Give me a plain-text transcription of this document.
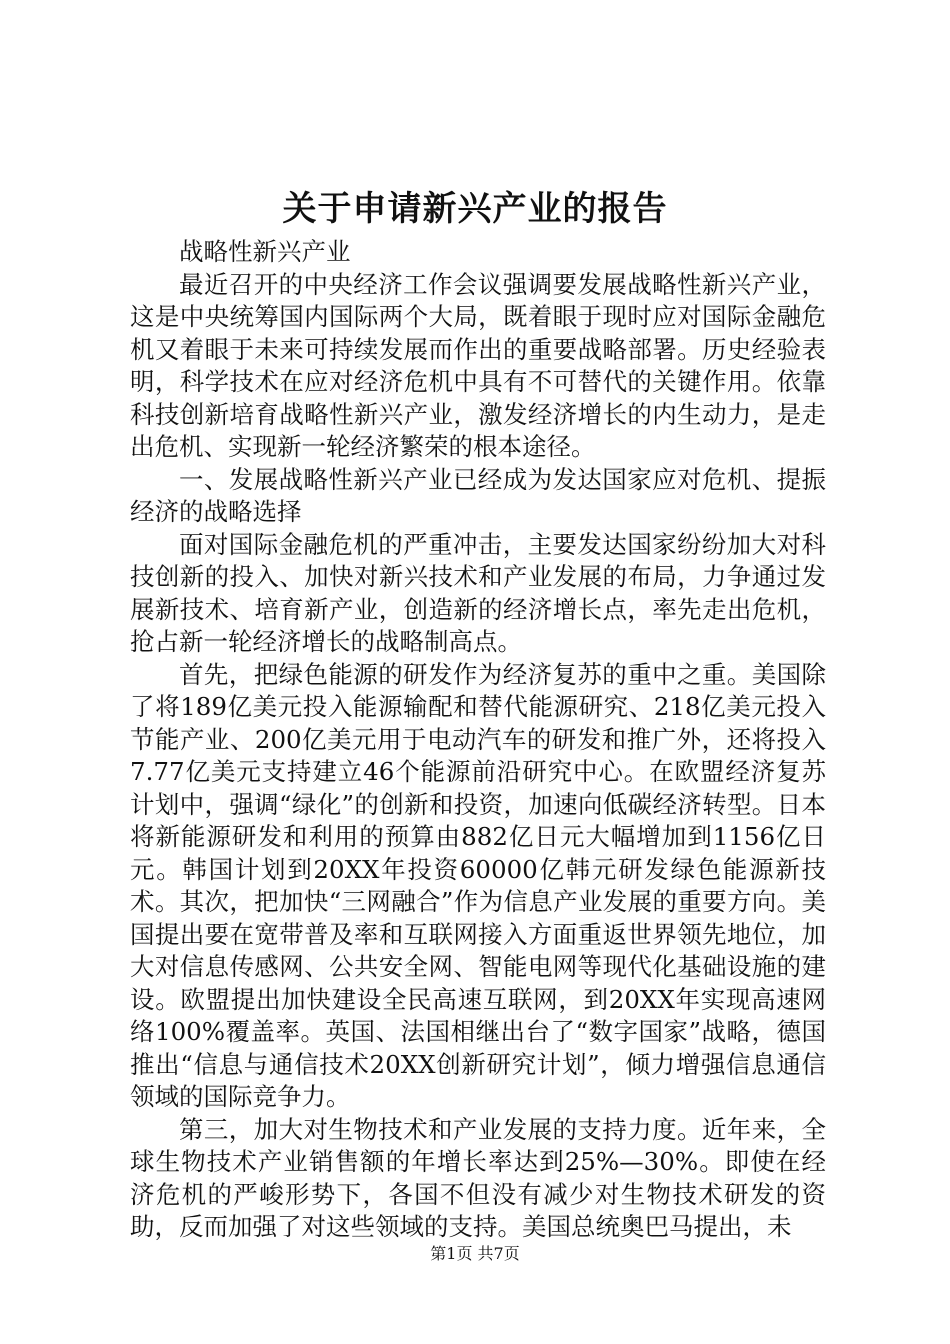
关于申请新兴产业的报告

战略性新兴产业

最近召开的中央经济工作会议强调要发展战略性新兴产业，这是中央统筹国内国际两个大局，既着眼于现时应对国际金融危机又着眼于未来可持续发展而作出的重要战略部署。历史经验表明，科学技术在应对经济危机中具有不可替代的关键作用。依靠科技创新培育战略性新兴产业，激发经济增长的内生动力，是走出危机、实现新一轮经济繁荣的根本途径。

一、发展战略性新兴产业已经成为发达国家应对危机、提振经济的战略选择

面对国际金融危机的严重冲击，主要发达国家纷纷加大对科技创新的投入、加快对新兴技术和产业发展的布局，力争通过发展新技术、培育新产业，创造新的经济增长点，率先走出危机，抢占新一轮经济增长的战略制高点。

首先，把绿色能源的研发作为经济复苏的重中之重。美国除了将189亿美元投入能源输配和替代能源研究、218亿美元投入节能产业、200亿美元用于电动汽车的研发和推广外，还将投入7.77亿美元支持建立46个能源前沿研究中心。在欧盟经济复苏计划中，强调“绿化”的创新和投资，加速向低碳经济转型。日本将新能源研发和利用的预算由882亿日元大幅增加到1156亿日元。韩国计划到20XX年投资60000亿韩元研发绿色能源新技术。其次，把加快“三网融合”作为信息产业发展的重要方向。美国提出要在宽带普及率和互联网接入方面重返世界领先地位，加大对信息传感网、公共安全网、智能电网等现代化基础设施的建设。欧盟提出加快建设全民高速互联网，到20XX年实现高速网络100%覆盖率。英国、法国相继出台了“数字国家”战略，德国推出“信息与通信技术20XX创新研究计划”，倾力增强信息通信领域的国际竞争力。

第三，加大对生物技术和产业发展的支持力度。近年来，全球生物技术产业销售额的年增长率达到25%—30%。即使在经济危机的严峻形势下，各国不但没有减少对生物技术研发的资助，反而加强了对这些领域的支持。美国总统奥巴马提出，未

第1页 共7页
